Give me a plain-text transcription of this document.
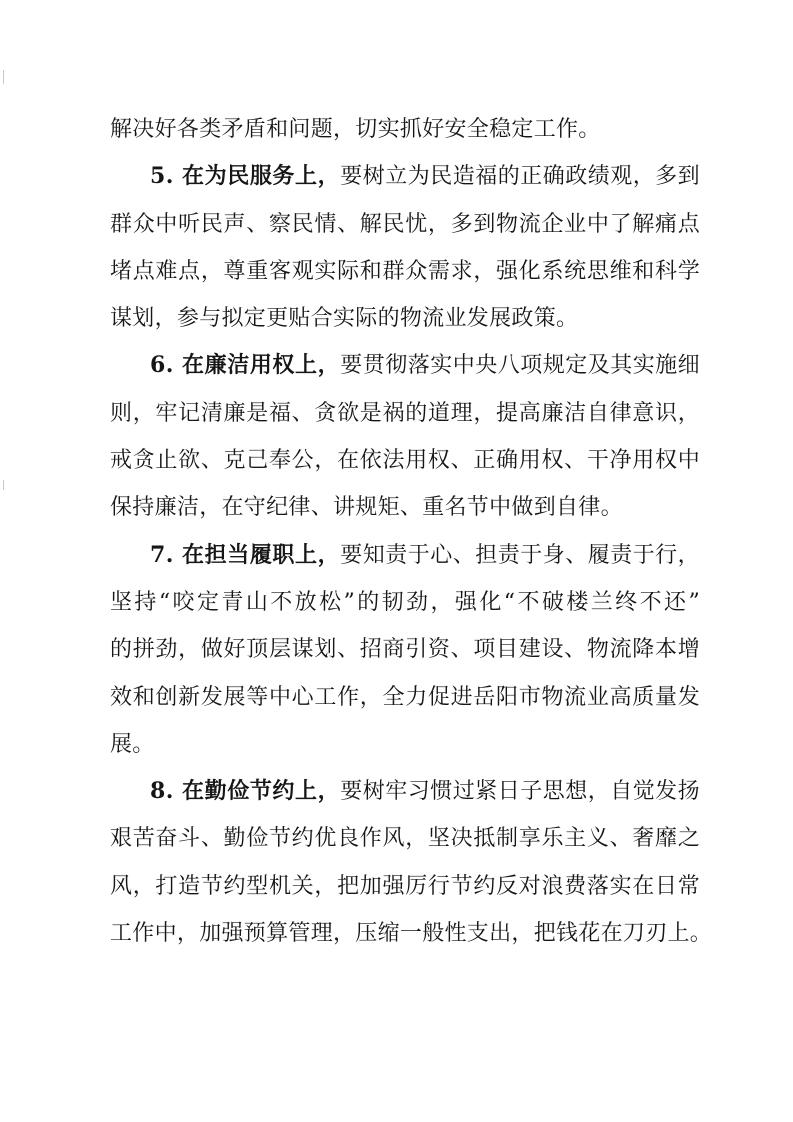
解决好各类矛盾和问题，切实抓好安全稳定工作。
5. 在为民服务上，要树立为民造福的正确政绩观，多到
群众中听民声、察民情、解民忧，多到物流企业中了解痛点
堵点难点，尊重客观实际和群众需求，强化系统思维和科学
谋划，参与拟定更贴合实际的物流业发展政策。
6. 在廉洁用权上，要贯彻落实中央八项规定及其实施细
则，牢记清廉是福、贪欲是祸的道理，提高廉洁自律意识，
戒贪止欲、克己奉公，在依法用权、正确用权、干净用权中
保持廉洁，在守纪律、讲规矩、重名节中做到自律。
7. 在担当履职上，要知责于心、担责于身、履责于行，
坚持“咬定青山不放松”的韧劲，强化“不破楼兰终不还”
的拼劲，做好顶层谋划、招商引资、项目建设、物流降本增
效和创新发展等中心工作，全力促进岳阳市物流业高质量发
展。
8. 在勤俭节约上，要树牢习惯过紧日子思想，自觉发扬
艰苦奋斗、勤俭节约优良作风，坚决抵制享乐主义、奢靡之
风，打造节约型机关，把加强厉行节约反对浪费落实在日常
工作中，加强预算管理，压缩一般性支出，把钱花在刀刃上。
